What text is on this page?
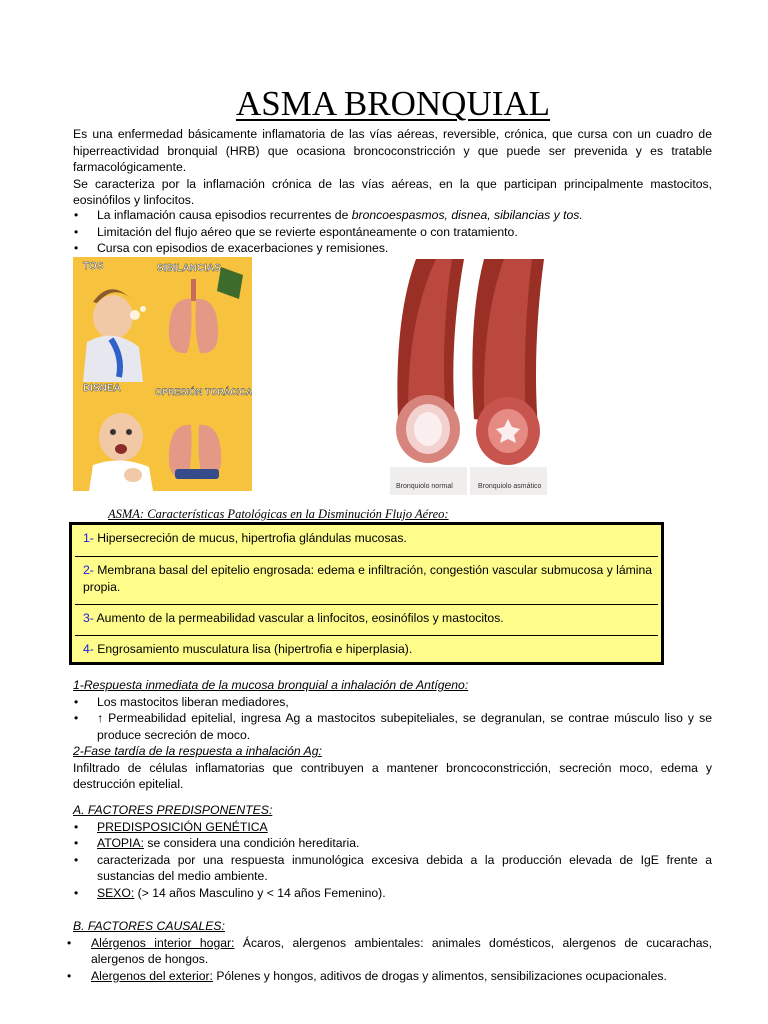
ASMA BRONQUIAL

Es una enfermedad básicamente inflamatoria de las vías aéreas, reversible, crónica, que cursa con un cuadro de hiperreactividad bronquial (HRB) que ocasiona broncoconstricción y que puede ser prevenida y es tratable farmacológicamente.

Se caracteriza por la inflamación crónica de las vías aéreas, en la que participan principalmente mastocitos, eosinófilos y linfocitos.

• La inflamación causa episodios recurrentes de broncoespasmos, disnea, sibilancias y tos.
• Limitación del flujo aéreo que se revierte espontáneamente o con tratamiento.
• Cursa con episodios de exacerbaciones y remisiones.
TOS	SIBILANCIAS
DISNEA	OPRESIÓN TORÁCICA
Bronquiolo normal	Bronquiolo asmático
ASMA: Características Patológicas en la Disminución Flujo Aéreo:
1- Hipersecreción de mucus, hipertrofia glándulas mucosas.
2- Membrana basal del epitelio engrosada: edema e infiltración, congestión vascular submucosa y lámina propia.
3- Aumento de la permeabilidad vascular a linfocitos, eosinófilos y mastocitos.
4- Engrosamiento musculatura lisa (hipertrofia e hiperplasia).
1-Respuesta inmediata de la mucosa bronquial a inhalación de Antígeno:
• Los mastocitos liberan mediadores,
• ↑ Permeabilidad epitelial, ingresa Ag a mastocitos subepiteliales, se degranulan, se contrae músculo liso y se produce secreción de moco.
2-Fase tardía de la respuesta a inhalación Ag:
Infiltrado de células inflamatorias que contribuyen a mantener broncoconstricción, secreción moco, edema y destrucción epitelial.
A. FACTORES PREDISPONENTES:
• PREDISPOSICIÓN GENÉTICA
• ATOPIA: se considera una condición hereditaria.
• caracterizada por una respuesta inmunológica excesiva debida a la producción elevada de IgE frente a sustancias del medio ambiente.
• SEXO: (> 14 años Masculino y < 14 años Femenino).
B. FACTORES CAUSALES:
• Alérgenos interior hogar: Ácaros, alergenos ambientales: animales domésticos, alergenos de cucarachas, alergenos de hongos.
• Alergenos del exterior: Pólenes y hongos, aditivos de drogas y alimentos, sensibilizaciones ocupacionales.
